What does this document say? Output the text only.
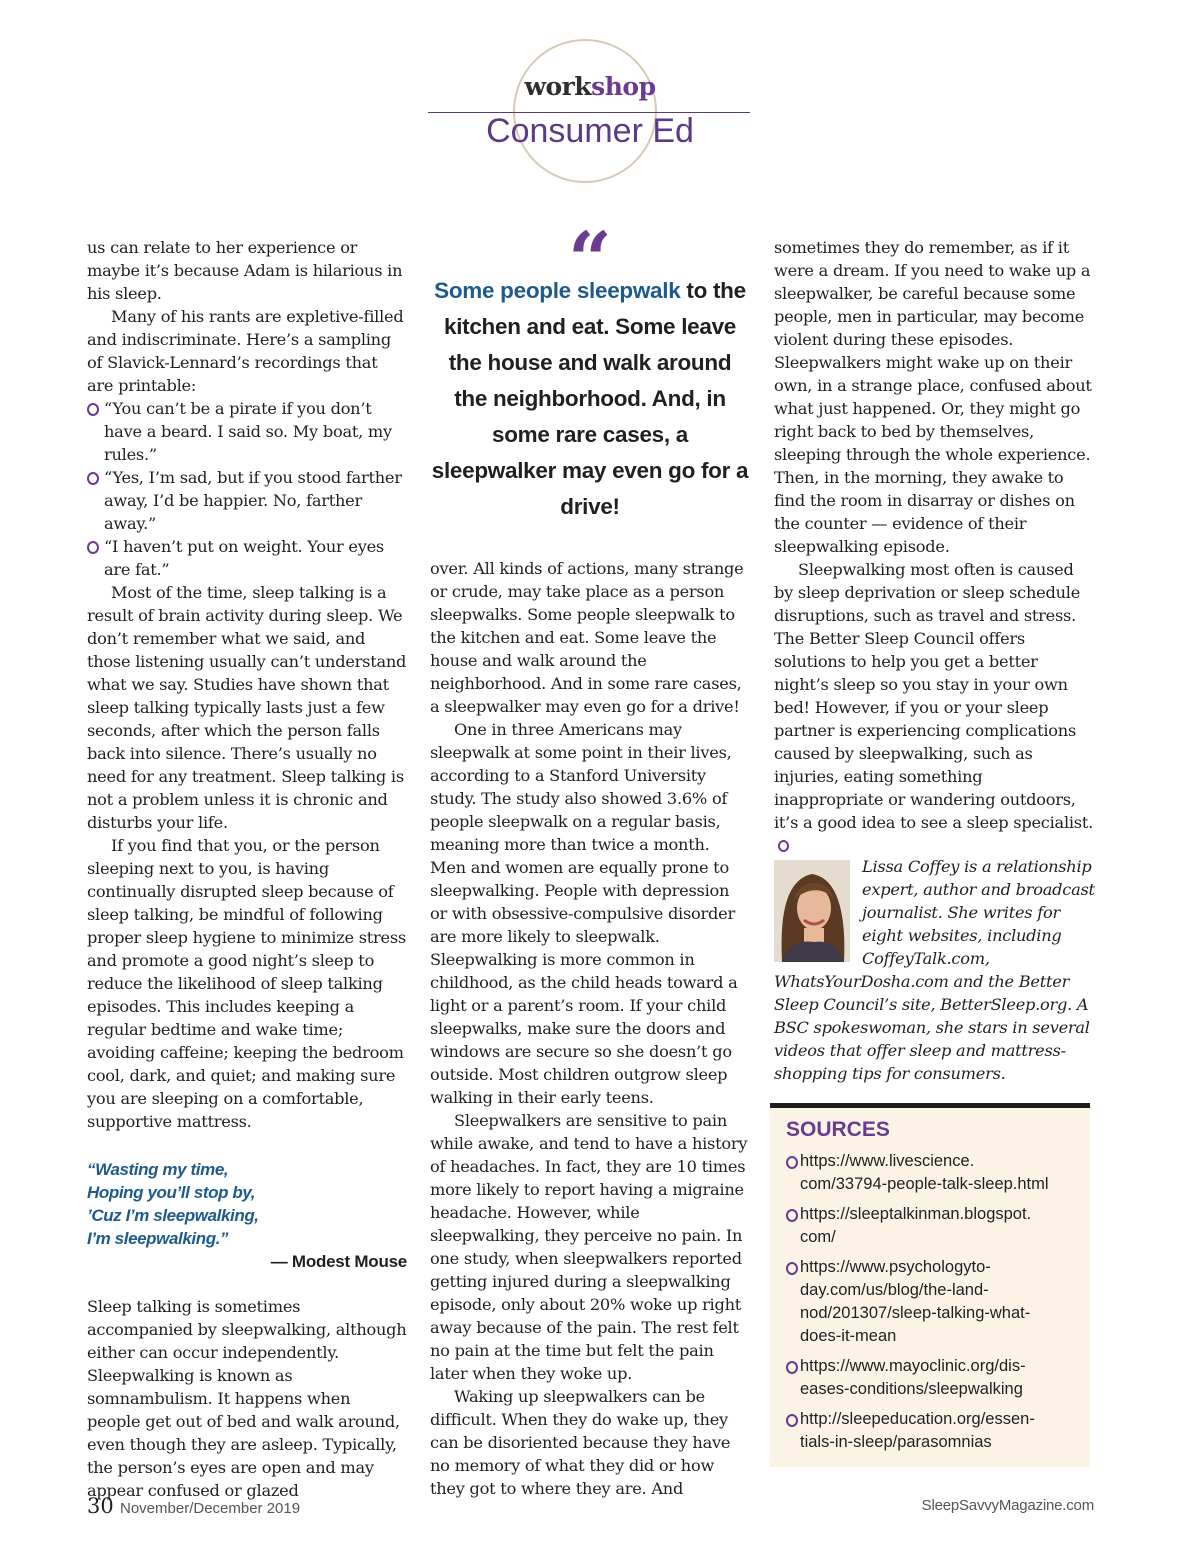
workshop
Consumer Ed

us can relate to her experience or maybe it’s because Adam is hilarious in his sleep.

Many of his rants are expletive-filled and indiscriminate. Here’s a sampling of Slavick-Lennard’s recordings that are printable:

“You can’t be a pirate if you don’t have a beard. I said so. My boat, my rules.”
“Yes, I’m sad, but if you stood farther away, I’d be happier. No, farther away.”
“I haven’t put on weight. Your eyes are fat.”

Most of the time, sleep talking is a result of brain activity during sleep. We don’t remember what we said, and those listening usually can’t understand what we say. Studies have shown that sleep talking typically lasts just a few seconds, after which the person falls back into silence. There’s usually no need for any treatment. Sleep talking is not a problem unless it is chronic and disturbs your life.

If you find that you, or the person sleeping next to you, is having continually disrupted sleep because of sleep talking, be mindful of following proper sleep hygiene to minimize stress and promote a good night’s sleep to reduce the likelihood of sleep talking episodes. This includes keeping a regular bedtime and wake time; avoiding caffeine; keeping the bedroom cool, dark, and quiet; and making sure you are sleeping on a comfortable, supportive mattress.

“Wasting my time,
Hoping you’ll stop by,
’Cuz I’m sleepwalking,
I’m sleepwalking.”
— Modest Mouse

Sleep talking is sometimes accompanied by sleepwalking, although either can occur independently. Sleepwalking is known as somnambulism. It happens when people get out of bed and walk around, even though they are asleep. Typically, the person’s eyes are open and may appear confused or glazed

“
Some people sleepwalk to the kitchen and eat. Some leave the house and walk around the neighborhood. And, in some rare cases, a sleepwalker may even go for a drive!

over. All kinds of actions, many strange or crude, may take place as a person sleepwalks. Some people sleepwalk to the kitchen and eat. Some leave the house and walk around the neighborhood. And in some rare cases, a sleepwalker may even go for a drive!

One in three Americans may sleepwalk at some point in their lives, according to a Stanford University study. The study also showed 3.6% of people sleepwalk on a regular basis, meaning more than twice a month. Men and women are equally prone to sleepwalking. People with depression or with obsessive-compulsive disorder are more likely to sleepwalk. Sleepwalking is more common in childhood, as the child heads toward a light or a parent’s room. If your child sleepwalks, make sure the doors and windows are secure so she doesn’t go outside. Most children outgrow sleep walking in their early teens.

Sleepwalkers are sensitive to pain while awake, and tend to have a history of headaches. In fact, they are 10 times more likely to report having a migraine headache. However, while sleepwalking, they perceive no pain. In one study, when sleepwalkers reported getting injured during a sleepwalking episode, only about 20% woke up right away because of the pain. The rest felt no pain at the time but felt the pain later when they woke up.

Waking up sleepwalkers can be difficult. When they do wake up, they can be disoriented because they have no memory of what they did or how they got to where they are. And

sometimes they do remember, as if it were a dream. If you need to wake up a sleepwalker, be careful because some people, men in particular, may become violent during these episodes. Sleepwalkers might wake up on their own, in a strange place, confused about what just happened. Or, they might go right back to bed by themselves, sleeping through the whole experience. Then, in the morning, they awake to find the room in disarray or dishes on the counter — evidence of their sleepwalking episode.

Sleepwalking most often is caused by sleep deprivation or sleep schedule disruptions, such as travel and stress. The Better Sleep Council offers solutions to help you get a better night’s sleep so you stay in your own bed! However, if you or your sleep partner is experiencing complications caused by sleepwalking, such as injuries, eating something inappropriate or wandering outdoors, it’s a good idea to see a sleep specialist.

Lissa Coffey is a relationship expert, author and broadcast journalist. She writes for eight websites, including CoffeyTalk.com, WhatsYourDosha.com and the Better Sleep Council’s site, BetterSleep.org. A BSC spokeswoman, she stars in several videos that offer sleep and mattress-shopping tips for consumers.
SOURCES
https://www.livescience.
com/33794-people-talk-sleep.html
https://sleeptalkinman.blogspot.
com/
https://www.psychologyto-
day.com/us/blog/the-land-
nod/201307/sleep-talking-what-
does-it-mean
https://www.mayoclinic.org/dis-
eases-conditions/sleepwalking
http://sleepeducation.org/essen-
tials-in-sleep/parasomnias
30 November/December 2019	SleepSavvyMagazine.com
